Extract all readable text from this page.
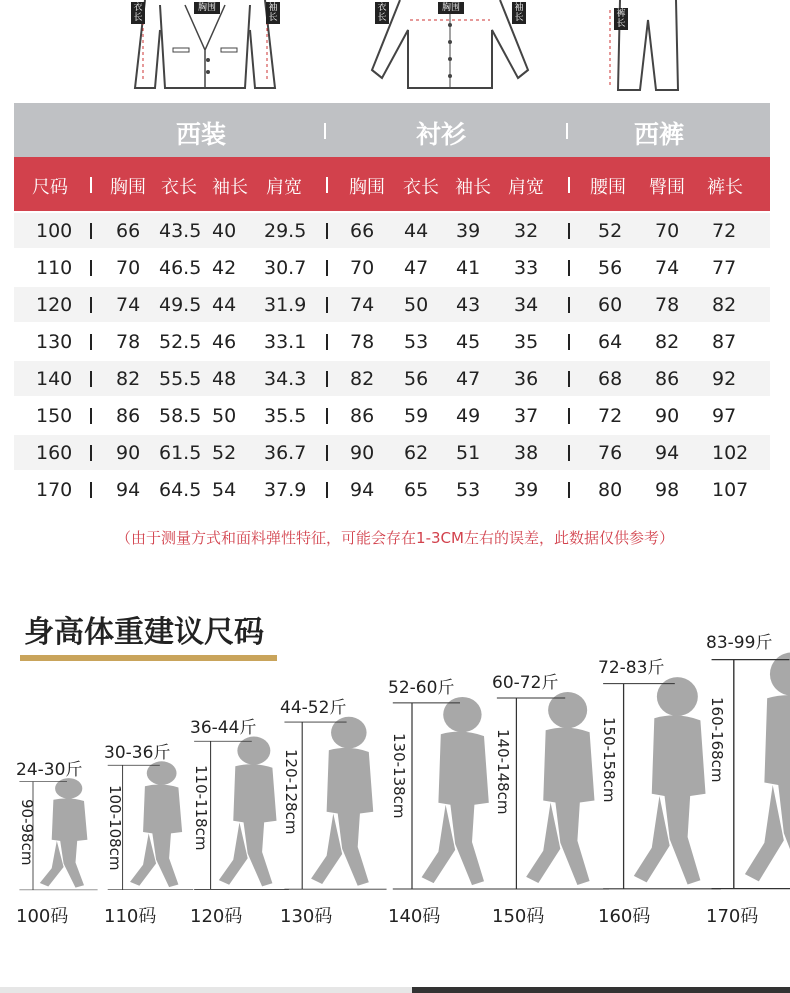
衣长
胸围	袖长
衣长
胸围	袖长	裤长
西装	衬衫	西裤
尺码 胸围 衣长 袖长 肩宽	胸围 衣长 袖长 肩宽	腰围 臀围 裤长
100 66 43.5 40 29.5 66 44 39 32	52 70 72
110 70 46.5 42 30.7 70 47 41 33	56 74 77
120 74 49.5 44 31.9 74 50 43 34	60 78 82
130 78 52.5 46 33.1 78 53 45 35	64 82 87
140 82 55.5 48 34.3 82 56 47 36	68 86 92
150 86 58.5 50 35.5 86 59 49 37	72 90 97
160 90 61.5 52 36.7 90 62 51 38	76 94 102
170 94 64.5 54 37.9 94 65 53 39	80 98 107
（由于测量方式和面料弹性特征，可能会存在1-3CM左右的误差，此数据仅供参考）
身高体重建议尺码
24-30斤
90-98cm
100码
30-36斤
100-108cm
110码
36-44斤
110-118cm
120码
44-52斤
120-128cm
130码
52-60斤
130-138cm
140码
60-72斤
140-148cm
150码
72-83斤
150-158cm
160码
83-99斤
160-168cm
170码
